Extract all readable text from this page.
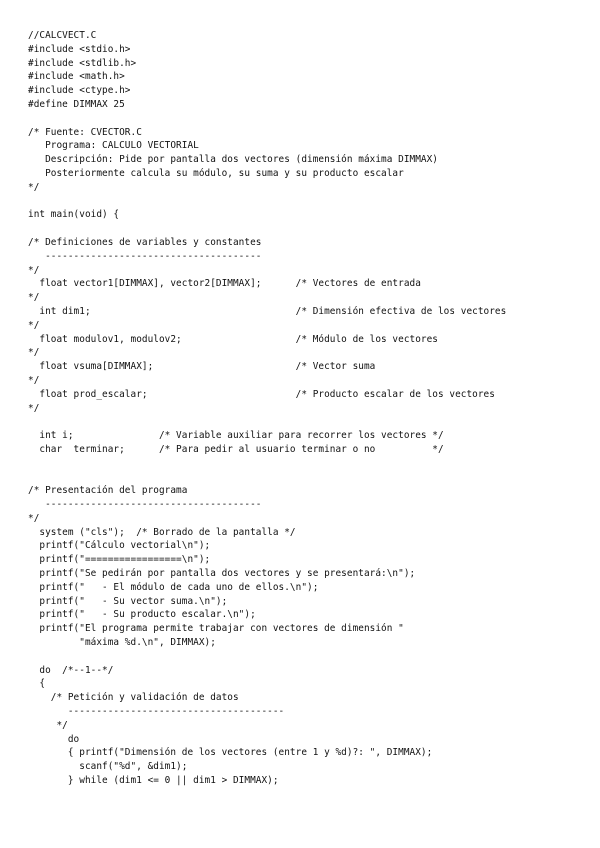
//CALCVECT.C
#include <stdio.h>
#include <stdlib.h>
#include <math.h>
#include <ctype.h>
#define DIMMAX 25
/* Fuente: CVECTOR.C
Programa: CALCULO VECTORIAL
Descripción: Pide por pantalla dos vectores (dimensión máxima DIMMAX)
Posteriormente calcula su módulo, su suma y su producto escalar
*/
int main(void) {
/* Definiciones de variables y constantes
--------------------------------------
*/
float vector1[DIMMAX], vector2[DIMMAX];      /* Vectores de entrada
*/
int dim1;                                    /* Dimensión efectiva de los vectores
*/
float modulov1, modulov2;                    /* Módulo de los vectores
*/
float vsuma[DIMMAX];                         /* Vector suma
*/
float prod_escalar;                          /* Producto escalar de los vectores
*/
int i;               /* Variable auxiliar para recorrer los vectores */
char  terminar;      /* Para pedir al usuario terminar o no          */
/* Presentación del programa
--------------------------------------
*/
system ("cls");  /* Borrado de la pantalla */
printf("Cálculo vectorial\n");
printf("=================\n");
printf("Se pedirán por pantalla dos vectores y se presentará:\n");
printf("   - El módulo de cada uno de ellos.\n");
printf("   - Su vector suma.\n");
printf("   - Su producto escalar.\n");
printf("El programa permite trabajar con vectores de dimensión "
"máxima %d.\n", DIMMAX);
do  /*--1--*/
{
/* Petición y validación de datos
--------------------------------------
*/
do
{ printf("Dimensión de los vectores (entre 1 y %d)?: ", DIMMAX);
scanf("%d", &dim1);
} while (dim1 <= 0 || dim1 > DIMMAX);
